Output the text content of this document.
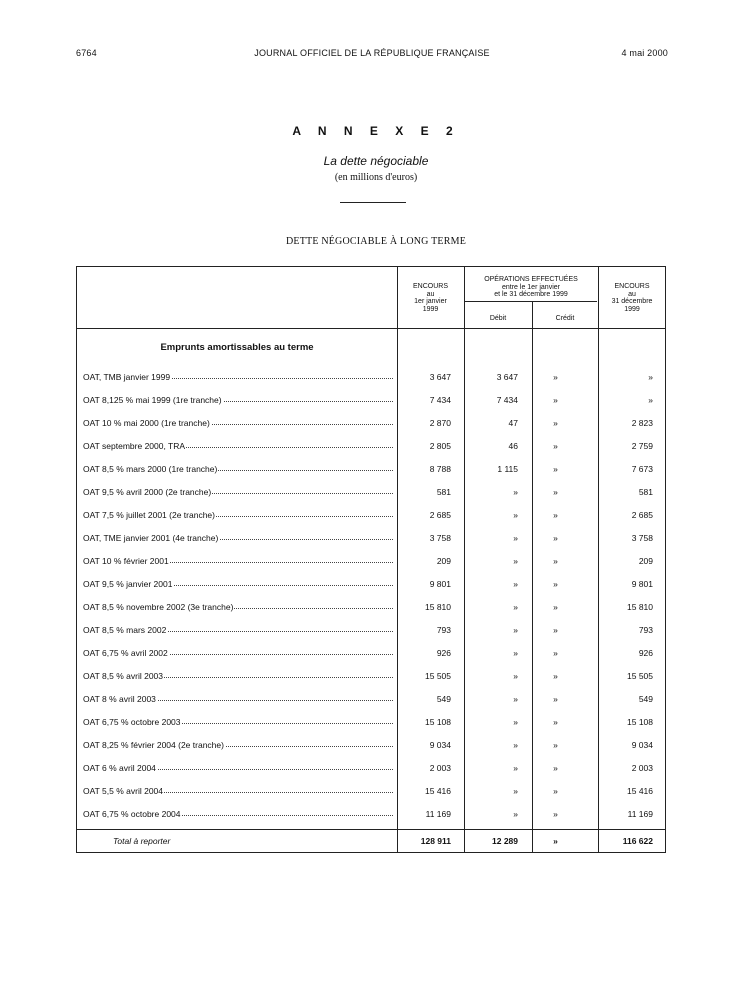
JOURNAL OFFICIEL DE LA RÉPUBLIQUE FRANÇAISE
6764	4 mai 2000
A N N E X E 2
La dette négociable
(en millions d'euros)
DETTE NÉGOCIABLE À LONG TERME
ENCOURS
au
1er janvier
1999
OPÉRATIONS EFFECTUÉES
entre le 1er janvier
et le 31 décembre 1999
Débit	Crédit
ENCOURS
au
31 décembre
1999
Emprunts amortissables au terme
OAT, TMB janvier 1999	3 647	3 647	»	»
OAT 8,125 % mai 1999 (1re tranche)	7 434	7 434	»	»
OAT 10 % mai 2000 (1re tranche)	2 870	47	»	2 823
OAT septembre 2000, TRA	2 805	46	»	2 759
OAT 8,5 % mars 2000 (1re tranche)	8 788	1 115	»	7 673
OAT 9,5 % avril 2000 (2e tranche)	581	»	»	581
OAT 7,5 % juillet 2001 (2e tranche)	2 685	»	»	2 685
OAT, TME janvier 2001 (4e tranche)	3 758	»	»	3 758
OAT 10 % février 2001	209	»	»	209
OAT 9,5 % janvier 2001	9 801	»	»	9 801
OAT 8,5 % novembre 2002 (3e tranche)	15 810	»	»	15 810
OAT 8,5 % mars 2002	793	»	»	793
OAT 6,75 % avril 2002	926	»	»	926
OAT 8,5 % avril 2003	15 505	»	»	15 505
OAT 8 % avril 2003	549	»	»	549
OAT 6,75 % octobre 2003	15 108	»	»	15 108
OAT 8,25 % février 2004 (2e tranche)	9 034	»	»	9 034
OAT 6 % avril 2004	2 003	»	»	2 003
OAT 5,5 % avril 2004	15 416	»	»	15 416
OAT 6,75 % octobre 2004	11 169	»	»	11 169
Total à reporter	128 911	12 289	»	116 622
